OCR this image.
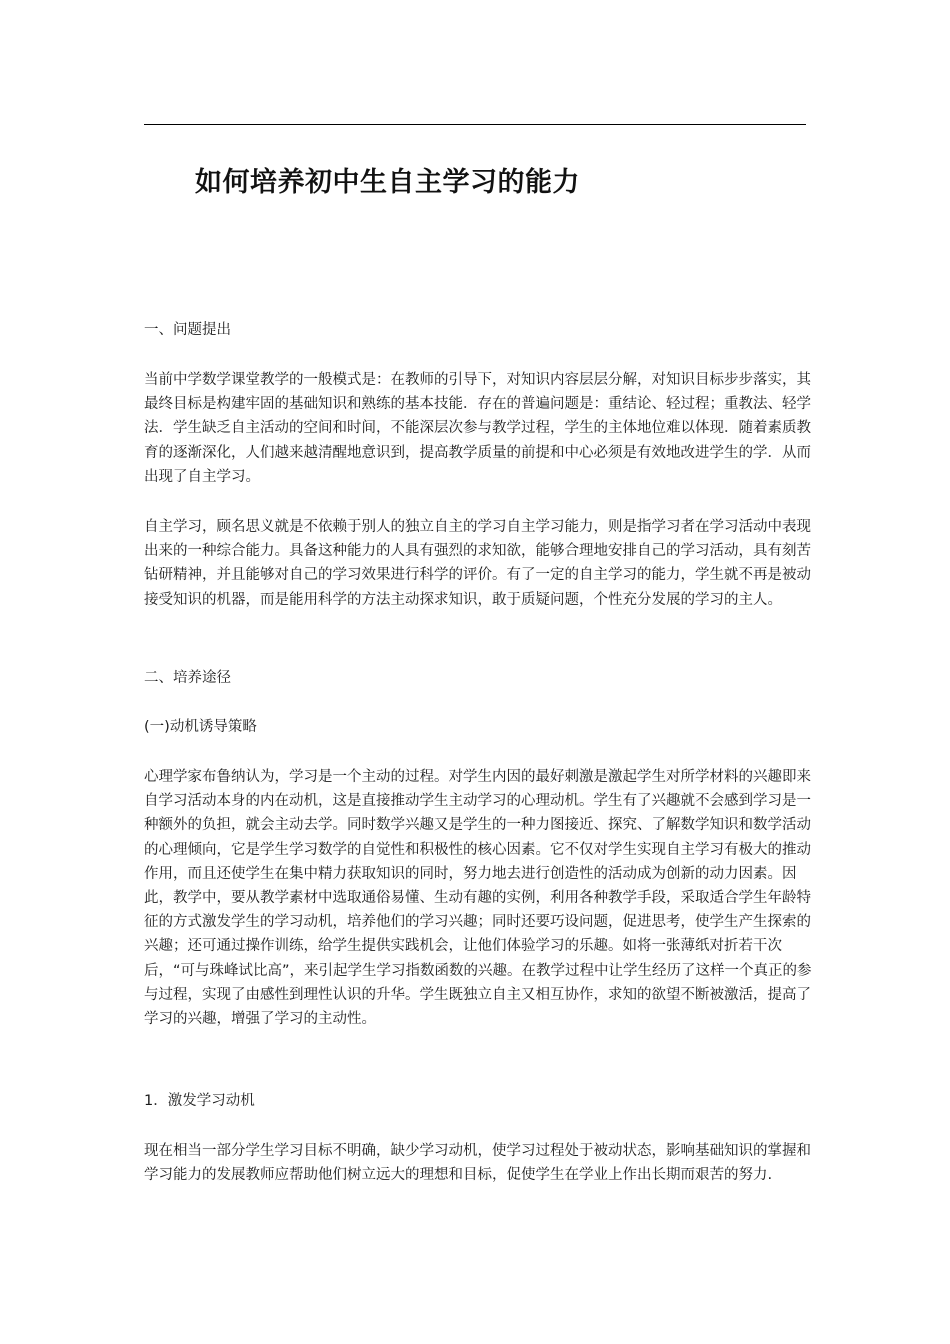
如何培养初中生自主学习的能力

一、问题提出

当前中学数学课堂教学的一般模式是：在教师的引导下，对知识内容层层分解，对知识目标步步落实，其最终目标是构建牢固的基础知识和熟练的基本技能．存在的普遍问题是：重结论、轻过程；重教法、轻学法．学生缺乏自主活动的空间和时间，不能深层次参与教学过程，学生的主体地位难以体现．随着素质教育的逐渐深化，人们越来越清醒地意识到，提高教学质量的前提和中心必须是有效地改进学生的学．从而出现了自主学习。

自主学习，顾名思义就是不依赖于别人的独立自主的学习自主学习能力，则是指学习者在学习活动中表现出来的一种综合能力。具备这种能力的人具有强烈的求知欲，能够合理地安排自己的学习活动，具有刻苦钻研精神，并且能够对自己的学习效果进行科学的评价。有了一定的自主学习的能力，学生就不再是被动接受知识的机器，而是能用科学的方法主动探求知识，敢于质疑问题，个性充分发展的学习的主人。

二、培养途径

(一)动机诱导策略

心理学家布鲁纳认为，学习是一个主动的过程。对学生内因的最好刺激是激起学生对所学材料的兴趣即来自学习活动本身的内在动机，这是直接推动学生主动学习的心理动机。学生有了兴趣就不会感到学习是一种额外的负担，就会主动去学。同时数学兴趣又是学生的一种力图接近、探究、了解数学知识和数学活动的心理倾向，它是学生学习数学的自觉性和积极性的核心因素。它不仅对学生实现自主学习有极大的推动作用，而且还使学生在集中精力获取知识的同时，努力地去进行创造性的活动成为创新的动力因素。因此，教学中，要从教学素材中选取通俗易懂、生动有趣的实例，利用各种教学手段，采取适合学生年龄特征的方式激发学生的学习动机，培养他们的学习兴趣；同时还要巧设问题，促进思考，使学生产生探索的兴趣；还可通过操作训练，给学生提供实践机会，让他们体验学习的乐趣。如将一张薄纸对折若干次后，“可与珠峰试比高”，来引起学生学习指数函数的兴趣。在教学过程中让学生经历了这样一个真正的参与过程，实现了由感性到理性认识的升华。学生既独立自主又相互协作，求知的欲望不断被激活，提高了学习的兴趣，增强了学习的主动性。

1．激发学习动机

现在相当一部分学生学习目标不明确，缺少学习动机，使学习过程处于被动状态，影响基础知识的掌握和学习能力的发展教师应帮助他们树立远大的理想和目标，促使学生在学业上作出长期而艰苦的努力.
